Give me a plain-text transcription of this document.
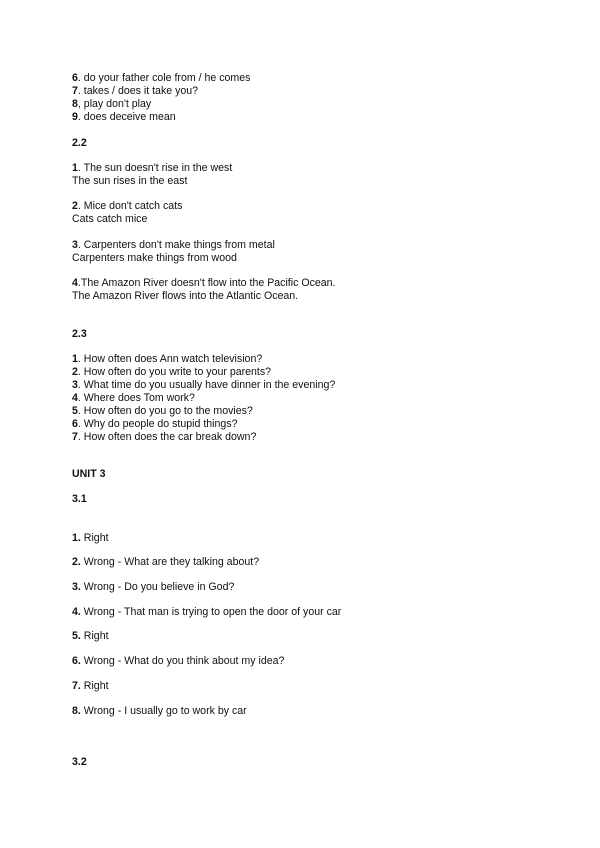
6. do your father cole from / he comes
7. takes / does it take you?
8, play don't play
9. does deceive mean
2.2
1. The sun doesn't rise in the west
The sun rises in the east
2. Mice don't catch cats
Cats catch mice
3. Carpenters don't make things from metal
Carpenters make things from wood
4.The Amazon River doesn't flow into the Pacific Ocean.
The Amazon River flows into the Atlantic Ocean.
2.3
1. How often does Ann watch television?
2. How often do you write to your parents?
3. What time do you usually have dinner in the evening?
4. Where does Tom work?
5. How often do you go to the movies?
6. Why do people do stupid things?
7. How often does the car break down?
UNIT 3
3.1
1. Right
2. Wrong - What are they talking about?
3. Wrong - Do you believe in God?
4. Wrong - That man is trying to open the door of your car
5. Right
6. Wrong - What do you think about my idea?
7. Right
8. Wrong - I usually go to work by car
3.2
